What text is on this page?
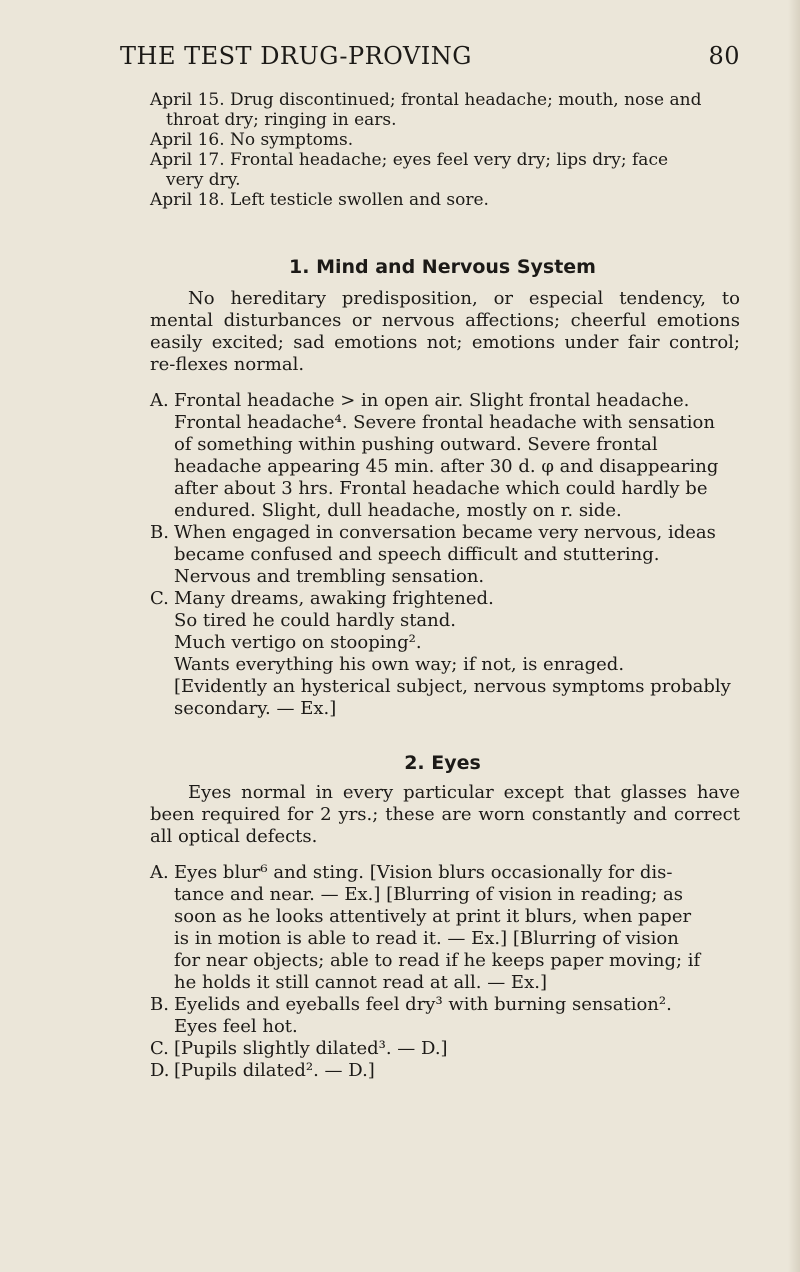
THE TEST DRUG-PROVING	80

April 15. Drug discontinued; frontal headache; mouth, nose and
throat dry; ringing in ears.

April 16. No symptoms.

April 17. Frontal headache; eyes feel very dry; lips dry; face
very dry.

April 18. Left testicle swollen and sore.

1. Mind and Nervous System

No hereditary predisposition, or especial tendency, to mental disturbances or nervous affections; cheerful emotions easily excited; sad emotions not; emotions under fair control; re-flexes normal.

A. Frontal headache > in open air. Slight frontal headache.
Frontal headache⁴. Severe frontal headache with sensation
of something within pushing outward. Severe frontal
headache appearing 45 min. after 30 d. φ and disappearing
after about 3 hrs. Frontal headache which could hardly be
endured. Slight, dull headache, mostly on r. side.
B. When engaged in conversation became very nervous, ideas
became confused and speech difficult and stuttering.
Nervous and trembling sensation.
C. Many dreams, awaking frightened.
So tired he could hardly stand.
Much vertigo on stooping².
Wants everything his own way; if not, is enraged.
[Evidently an hysterical subject, nervous symptoms probably
secondary. — Ex.]
2. Eyes

Eyes normal in every particular except that glasses have been required for 2 yrs.; these are worn constantly and correct all optical defects.

A. Eyes blur⁶ and sting. [Vision blurs occasionally for dis-
tance and near. — Ex.] [Blurring of vision in reading; as
soon as he looks attentively at print it blurs, when paper
is in motion is able to read it. — Ex.] [Blurring of vision
for near objects; able to read if he keeps paper moving; if
he holds it still cannot read at all. — Ex.]
B. Eyelids and eyeballs feel dry³ with burning sensation².
Eyes feel hot.
C. [Pupils slightly dilated³. — D.]
D. [Pupils dilated². — D.]
